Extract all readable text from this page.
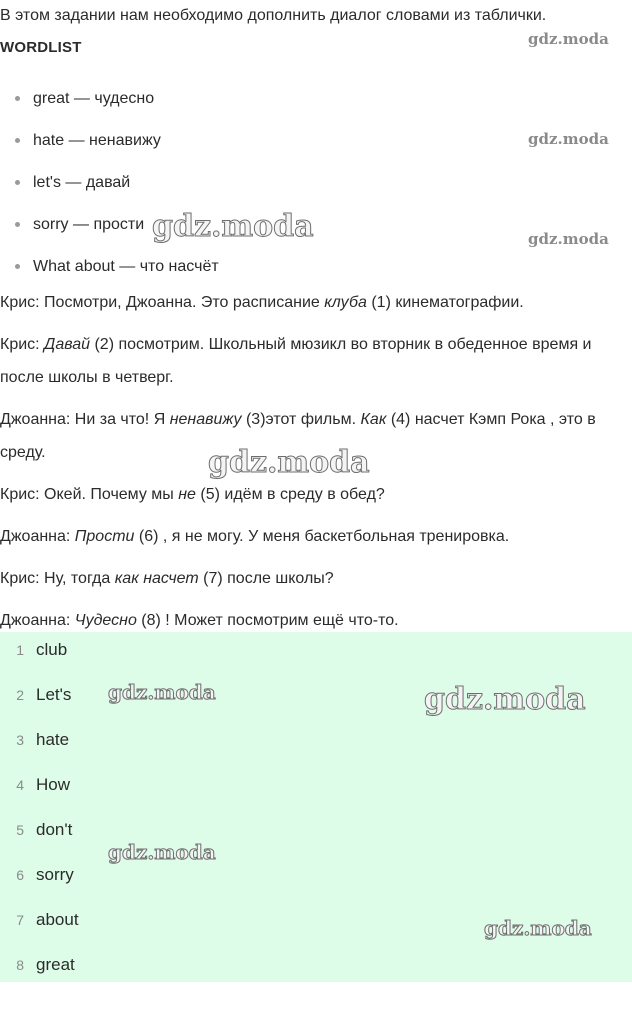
В этом задании нам необходимо дополнить диалог словами из таблички.
WORDLIST
great — чудесно
hate — ненавижу
let's — давай
sorry — прости
What about — что насчёт
Крис: Посмотри, Джоанна. Это расписание клуба (1) кинематографии.
Крис: Давай (2) посмотрим. Школьный мюзикл во вторник в обеденное время и после школы в четверг.
Джоанна: Ни за что! Я ненавижу (3)этот фильм. Как (4) насчет Кэмп Рока , это в среду.
Крис: Окей. Почему мы не (5) идём в среду в обед?
Джоанна: Прости (6) , я не могу. У меня баскетбольная тренировка.
Крис: Ну, тогда как насчет (7) после школы?
Джоанна: Чудесно (8) ! Может посмотрим ещё что-то.
1 club
2 Let's
3 hate
4 How
5 don't
6 sorry
7 about
8 great
gdz.moda
gdz.moda
gdz.moda
gdz.moda
gdz.moda
gdz.moda	gdz.moda
gdz.moda
gdz.moda
